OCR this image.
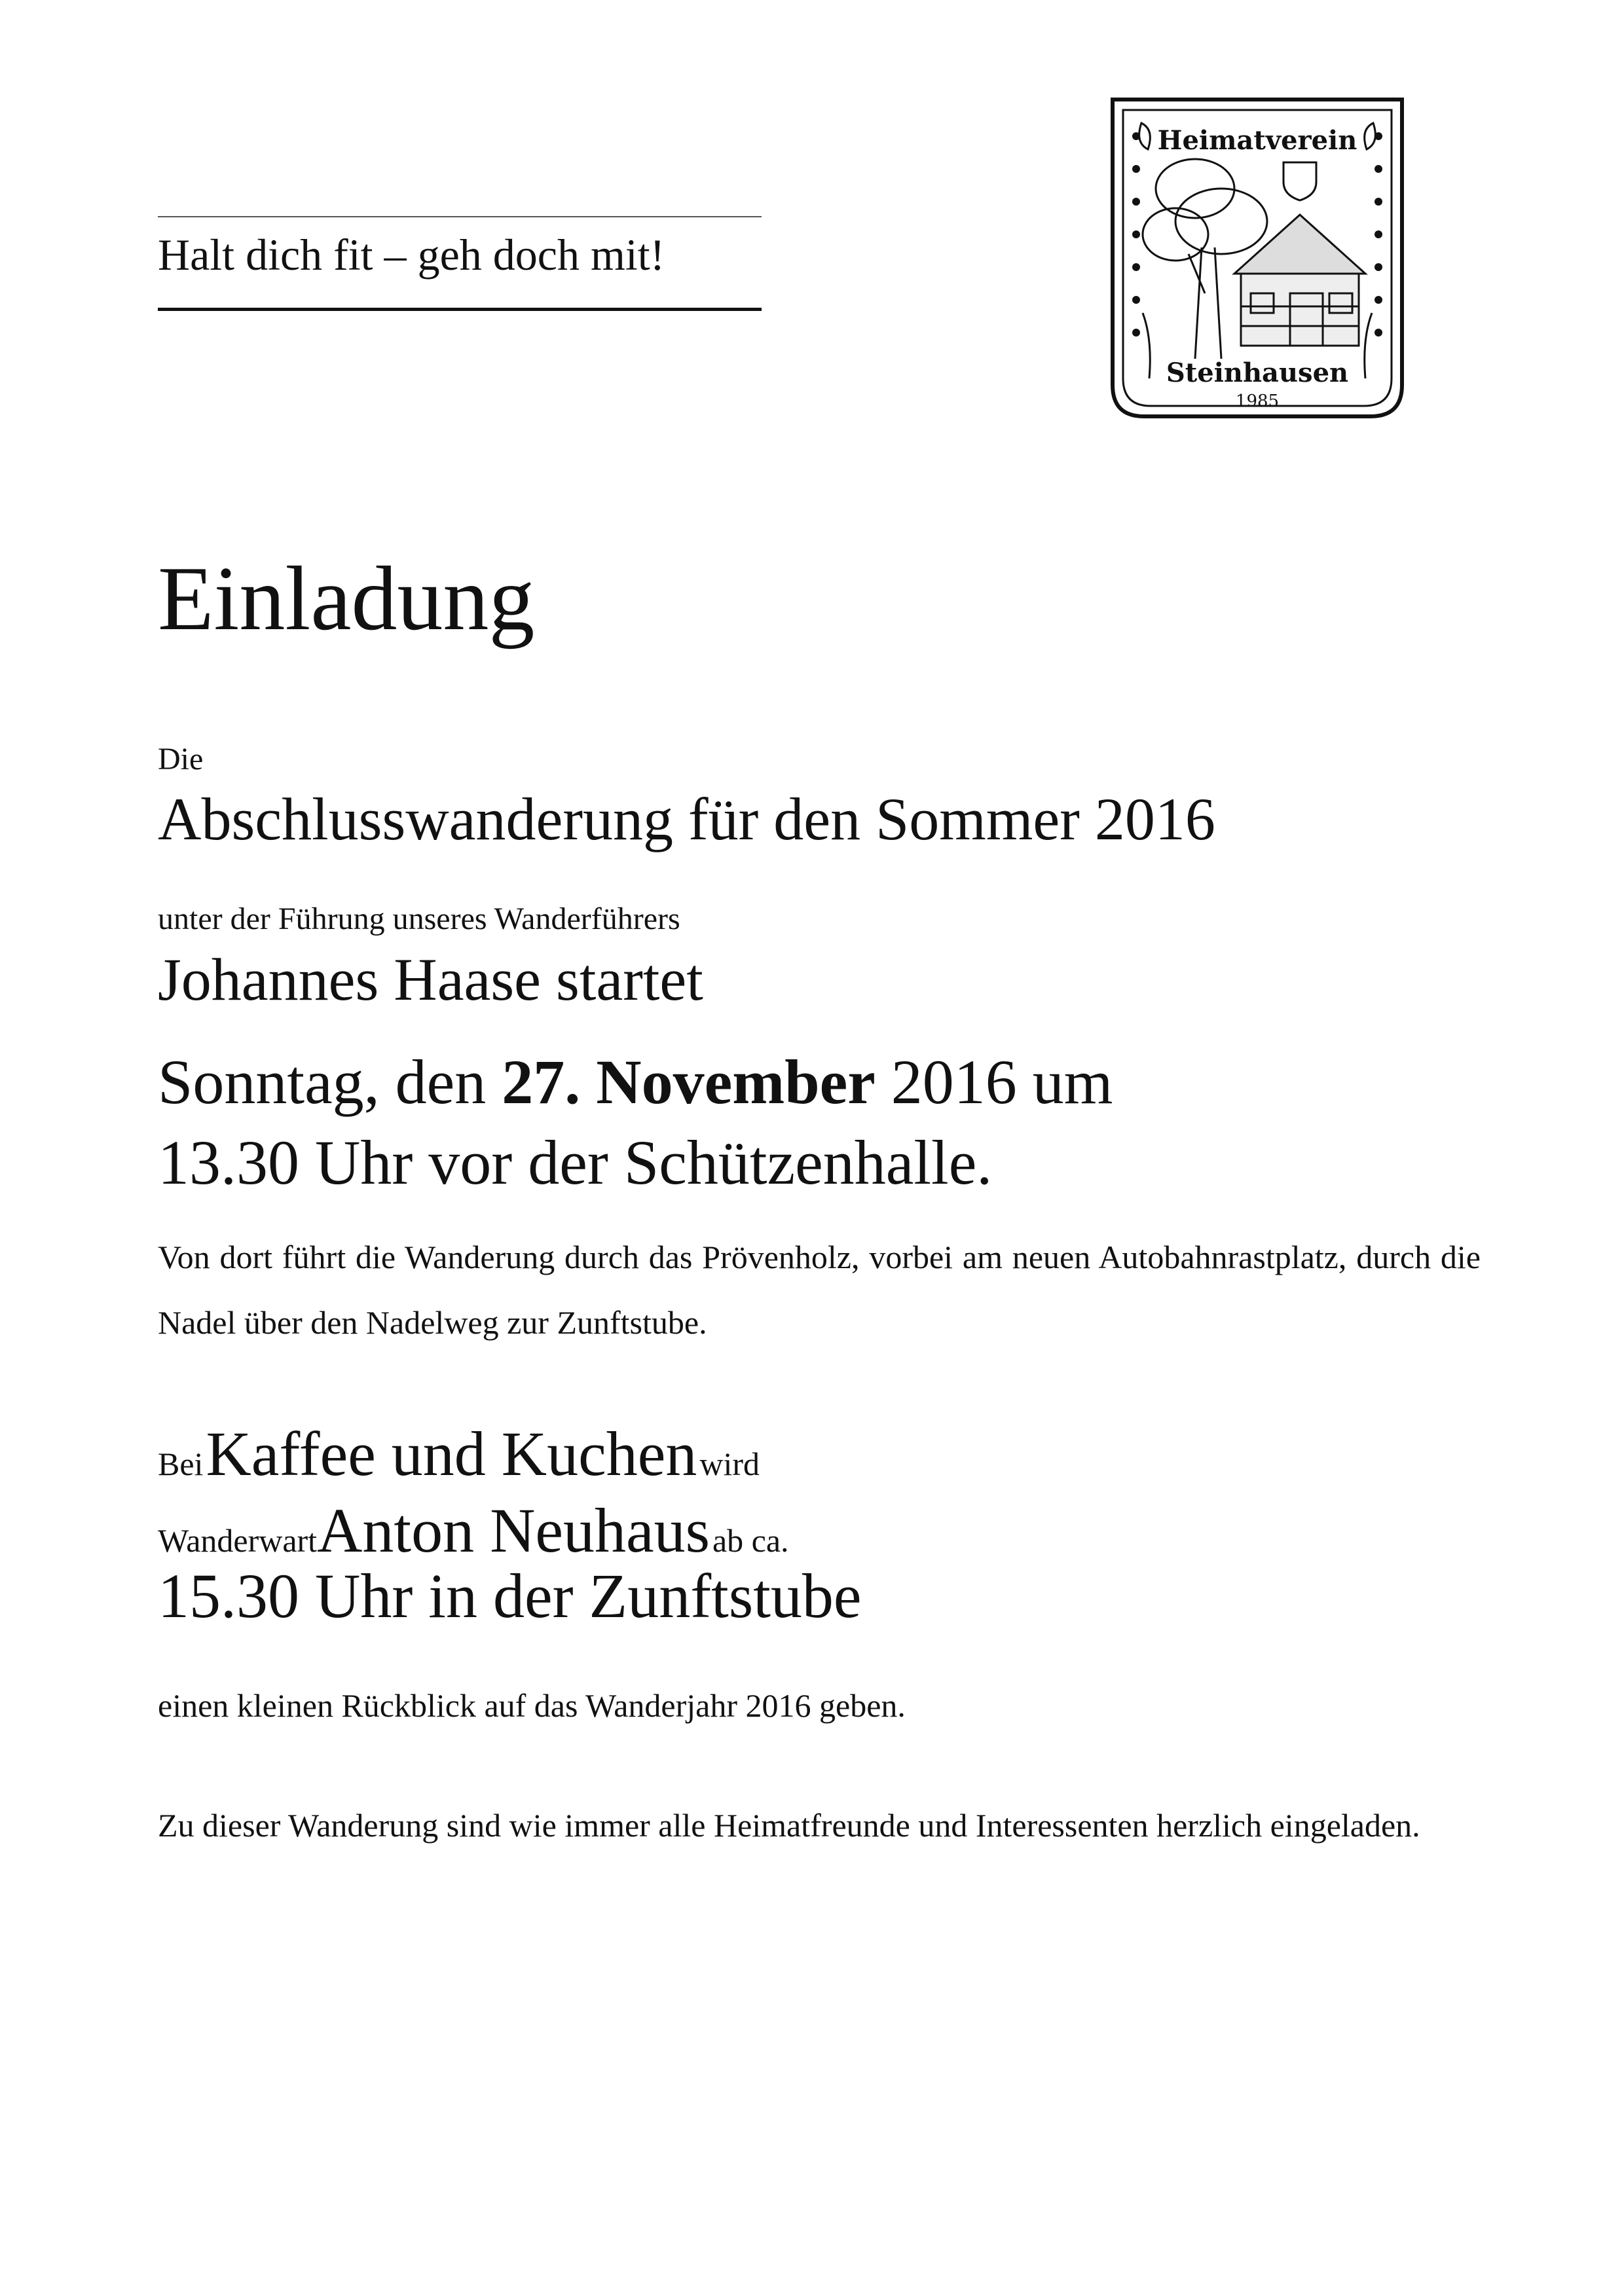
Halt dich fit – geh doch mit!
Heimatverein
Steinhausen
1985
Einladung
Die
Abschlusswanderung für den Sommer 2016
unter der Führung unseres Wanderführers
Johannes Haase startet
Sonntag, den 27. November 2016 um
13.30 Uhr vor der Schützenhalle.
Von dort führt die Wanderung durch das Prövenholz, vorbei am neuen Autobahnrastplatz, durch die Nadel über den Nadelweg zur Zunftstube.
Bei Kaffee und Kuchen wird
WanderwartAnton Neuhaus ab ca.
15.30 Uhr in der Zunftstube
einen kleinen Rückblick auf das Wanderjahr 2016 geben.
Zu dieser Wanderung sind wie immer alle Heimatfreunde und Interessenten herzlich eingeladen.
